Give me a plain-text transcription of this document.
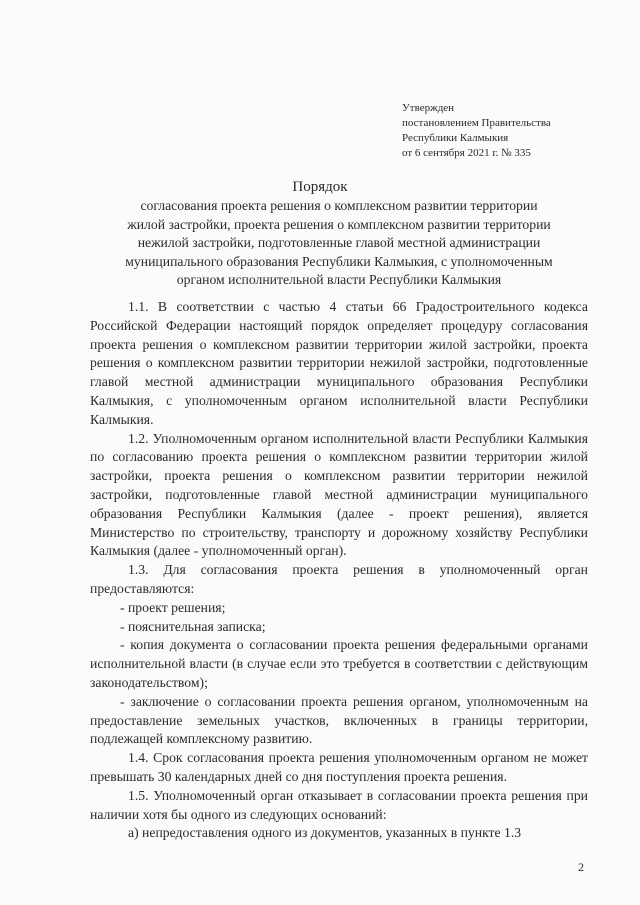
Утвержден
постановлением Правительства
Республики Калмыкия
от 6 сентября 2021 г. № 335
Порядок
согласования проекта решения о комплексном развитии территории
жилой застройки, проекта решения о комплексном развитии территории
нежилой застройки, подготовленные главой местной администрации
муниципального образования Республики Калмыкия, с уполномоченным
органом исполнительной власти Республики Калмыкия
1.1. В соответствии с частью 4 статьи 66 Градостроительного кодекса Российской Федерации настоящий порядок определяет процедуру согласования проекта решения о комплексном развитии территории жилой застройки, проекта решения о комплексном развитии территории нежилой застройки, подготовленные главой местной администрации муниципального образования Республики Калмыкия, с уполномоченным органом исполнительной власти Республики Калмыкия.
1.2. Уполномоченным органом исполнительной власти Республики Калмыкия по согласованию проекта решения о комплексном развитии территории жилой застройки, проекта решения о комплексном развитии территории нежилой застройки, подготовленные главой местной администрации муниципального образования Республики Калмыкия (далее - проект решения), является Министерство по строительству, транспорту и дорожному хозяйству Республики Калмыкия (далее - уполномоченный орган).
1.3. Для согласования проекта решения в уполномоченный орган предоставляются:
- проект решения;
- пояснительная записка;
- копия документа о согласовании проекта решения федеральными органами исполнительной власти (в случае если это требуется в соответствии с действующим законодательством);
- заключение о согласовании проекта решения органом, уполномоченным на предоставление земельных участков, включенных в границы территории, подлежащей комплексному развитию.
1.4. Срок согласования проекта решения уполномоченным органом не может превышать 30 календарных дней со дня поступления проекта решения.
1.5. Уполномоченный орган отказывает в согласовании проекта решения при наличии хотя бы одного из следующих оснований:
а) непредоставления одного из документов, указанных в пункте 1.3
2
